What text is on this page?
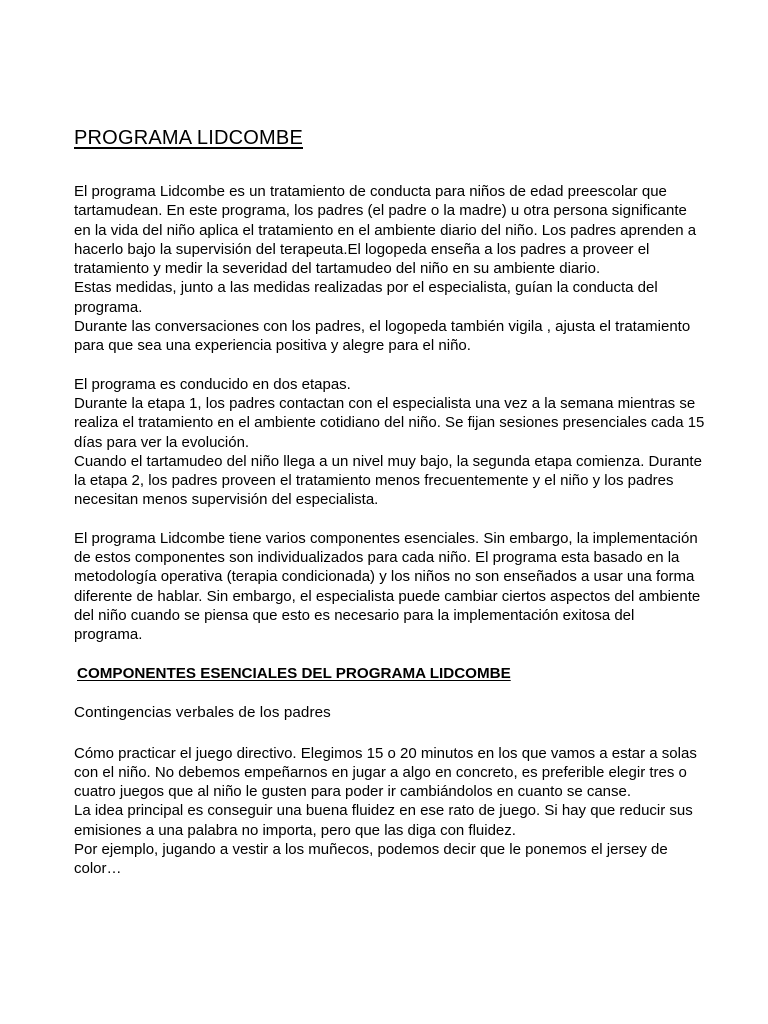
PROGRAMA LIDCOMBE

El programa Lidcombe es un tratamiento de conducta para niños de edad preescolar que tartamudean. En este programa, los padres (el padre o la madre) u otra persona significante en la vida del niño aplica el tratamiento en el ambiente diario del niño. Los padres aprenden a hacerlo bajo la supervisión del terapeuta.El logopeda enseña a los padres a proveer el tratamiento y medir la severidad del tartamudeo del niño en su ambiente diario.

Estas medidas, junto a las medidas realizadas por el especialista, guían la conducta del programa.

Durante las conversaciones con los padres, el logopeda también vigila , ajusta el tratamiento para que sea una experiencia positiva y alegre para el niño.

El programa es conducido en dos etapas.

Durante la etapa 1, los padres contactan con el especialista una vez a la semana mientras se realiza el tratamiento en el ambiente cotidiano del niño. Se fijan sesiones presenciales cada 15 días para ver la evolución.

Cuando el tartamudeo del niño llega a un nivel muy bajo, la segunda etapa comienza. Durante la etapa 2, los padres proveen el tratamiento menos frecuentemente y el niño y los padres necesitan menos supervisión del especialista.

El programa Lidcombe tiene varios componentes esenciales. Sin embargo, la implementación de estos componentes son individualizados para cada niño. El programa esta basado en la metodología operativa (terapia condicionada) y los niños no son enseñados a usar una forma diferente de hablar. Sin embargo, el especialista puede cambiar ciertos aspectos del ambiente del niño cuando se piensa que esto es necesario para la implementación exitosa del programa.

COMPONENTES ESENCIALES DEL PROGRAMA LIDCOMBE
Contingencias verbales de los padres

Cómo practicar el juego directivo. Elegimos 15 o 20 minutos en los que vamos a estar a solas con el niño. No debemos empeñarnos en jugar a algo en concreto, es preferible elegir tres o cuatro juegos que al niño le gusten para poder ir cambiándolos en cuanto se canse.

La idea principal es conseguir una buena fluidez en ese rato de juego. Si hay que reducir sus emisiones a una palabra no importa, pero que las diga con fluidez.

Por ejemplo, jugando a vestir a los muñecos, podemos decir que le ponemos el jersey de color…
